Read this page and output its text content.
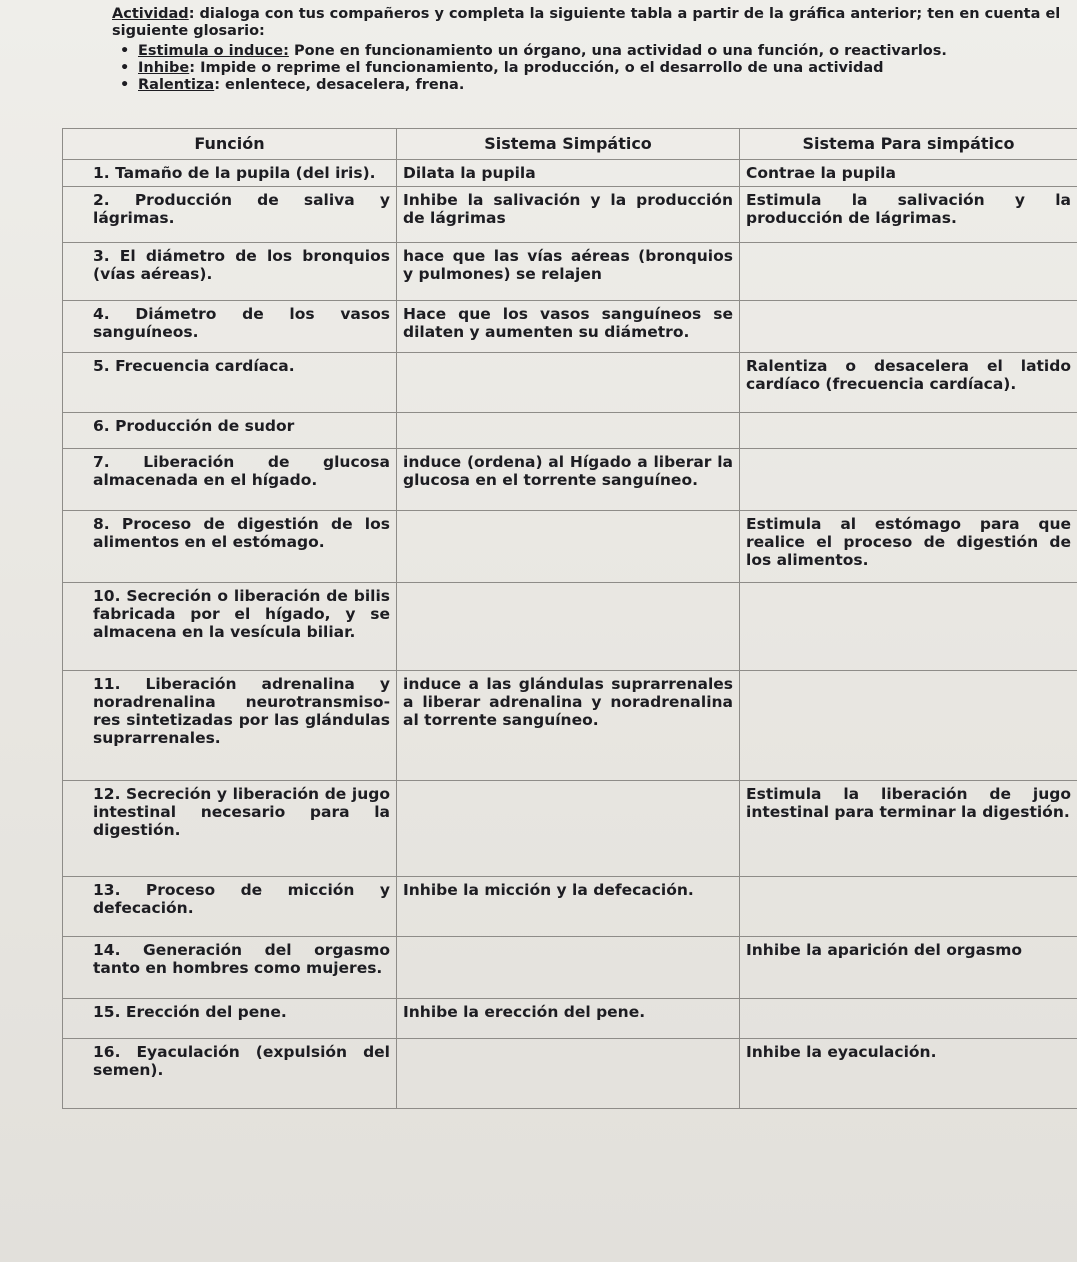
Actividad: dialoga con tus compañeros y completa la siguiente tabla a partir de la gráfica anterior; ten en cuenta el siguiente glosario:

• Estimula o induce: Pone en funcionamiento un órgano, una actividad o una función, o reactivarlos.
• Inhibe: Impide o reprime el funcionamiento, la producción, o el desarrollo de una actividad
• Ralentiza: enlentece, desacelera, frena.
Función	Sistema Simpático	Sistema Para simpático
1. Tamaño de la pupila (del iris).	Dilata la pupila	Contrae la pupila
2. Producción de saliva y lágrimas.	Inhibe la salivación y la producción de lágrimas	Estimula la salivación y la producción de lágrimas.
3. El diámetro de los bronquios (vías aéreas).	hace que las vías aéreas (bronquios y pulmones) se relajen	
4. Diámetro de los vasos sanguíneos.	Hace que los vasos sanguíneos se dilaten y aumenten su diámetro.	
5. Frecuencia cardíaca.		Ralentiza o desacelera el latido cardíaco (frecuencia cardíaca).
6. Producción de sudor		
7. Liberación de glucosa almacenada en el hígado.	induce (ordena) al Hígado a liberar la glucosa en el torrente sanguíneo.	
8. Proceso de digestión de los alimentos en el estómago.		Estimula al estómago para que realice el proceso de digestión de los alimentos.
10. Secreción o liberación de bilis fabricada por el hígado, y se almacena en la vesícula biliar.		
11. Liberación adrenalina y noradrenalina neurotransmiso-res sintetizadas por las glándulas suprarrenales.	induce a las glándulas suprarrenales a liberar adrenalina y noradrenalina al torrente sanguíneo.	
12. Secreción y liberación de jugo intestinal necesario para la digestión.		Estimula la liberación de jugo intestinal para terminar la digestión.
13. Proceso de micción y defecación.	Inhibe la micción y la defecación.	
14. Generación del orgasmo tanto en hombres como mujeres.		Inhibe la aparición del orgasmo
15. Erección del pene.	Inhibe la erección del pene.	
16. Eyaculación (expulsión del semen).		Inhibe la eyaculación.
